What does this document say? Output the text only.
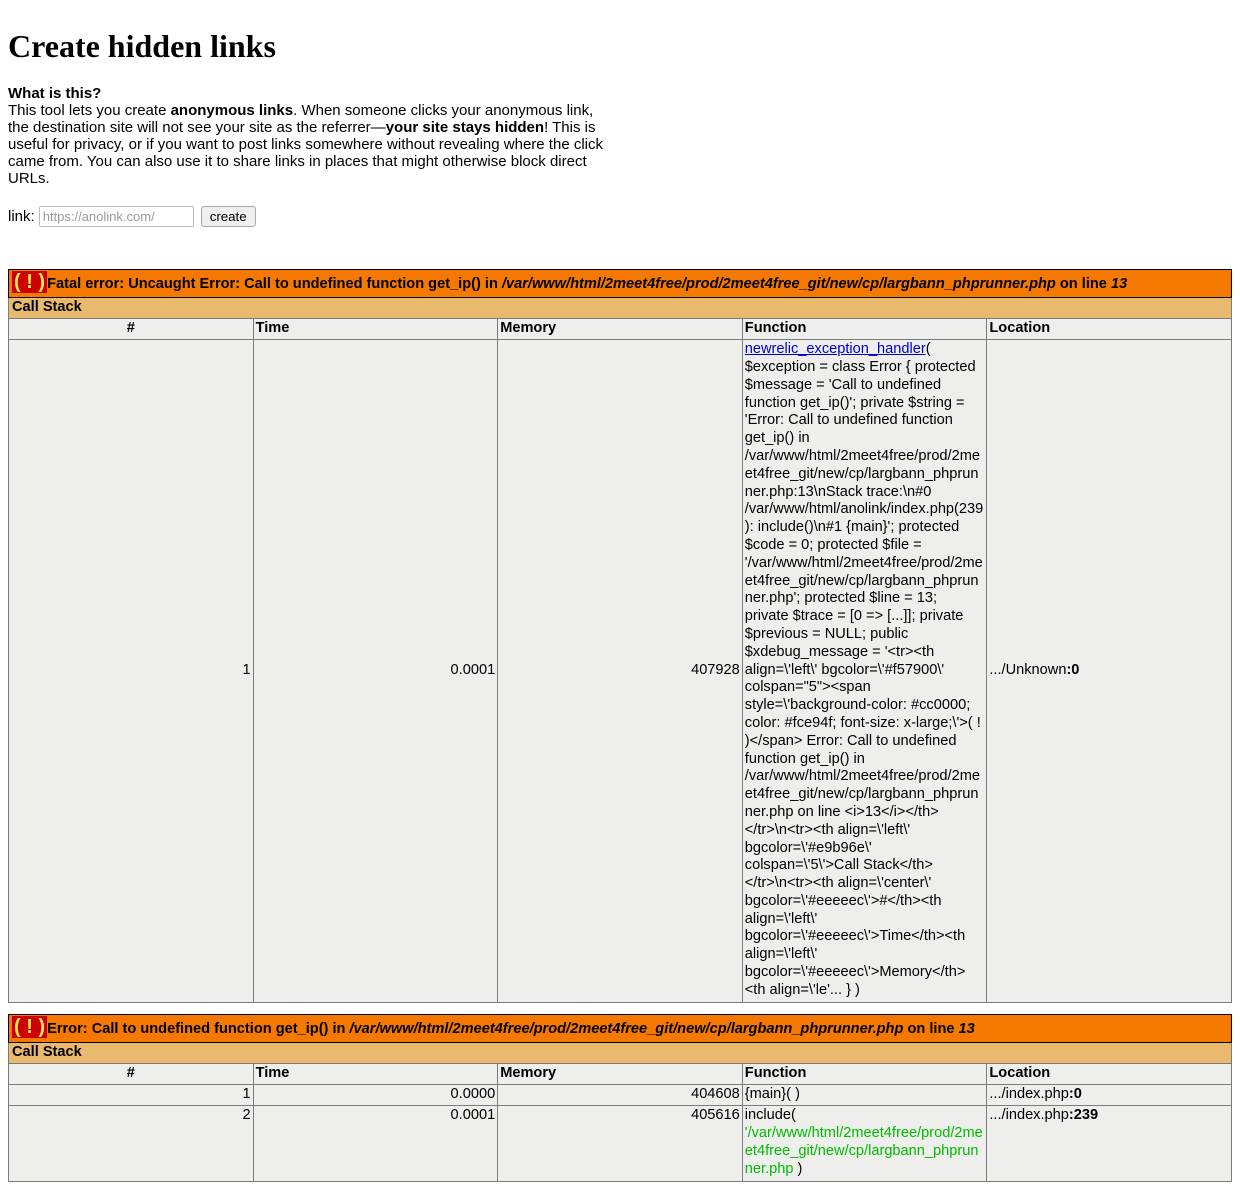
Create hidden links
What is this?
This tool lets you create anonymous links. When someone clicks your anonymous link, the destination site will not see your site as the referrer—your site stays hidden! This is useful for privacy, or if you want to post links somewhere without revealing where the click came from. You can also use it to share links in places that might otherwise block direct URLs.
link:
https://anolink.com/	create
( ! ) Fatal error: Uncaught Error: Call to undefined function get_ip() in /var/www/html/2meet4free/prod/2meet4free_git/new/cp/largbann_phprunner.php on line 13				
Call Stack				
#	Time	Memory	Function	Location
1	0.0001	407928	newrelic_exception_handler( $exception = class Error { protected $message = 'Call to undefined function get_ip()'; private $string = 'Error: Call to undefined function get_ip() in /var/www/html/2meet4free/prod/2meet4free_git/new/cp/largbann_phprunner.php:13\nStack trace:\n#0 /var/www/html/anolink/index.php(239): include()\n#1 {main}'; protected $code = 0; protected $file = '/var/www/html/2meet4free/prod/2meet4free_git/new/cp/largbann_phprunner.php'; protected $line = 13; private $trace = [0 => [...]]; private $previous = NULL; public $xdebug_message = '<tr><th align=\'left\' bgcolor=\'#f57900\' colspan="5"><span style=\'background-color: #cc0000; color: #fce94f; font-size: x-large;\'>( ! )</span> Error: Call to undefined function get_ip() in /var/www/html/2meet4free/prod/2meet4free_git/new/cp/largbann_phprunner.php on line <i>13</i></th></tr>\n<tr><th align=\'left\' bgcolor=\'#e9b96e\' colspan=\'5\'>Call Stack</th></tr>\n<tr><th align=\'center\' bgcolor=\'#eeeeec\'>#</th><th align=\'left\' bgcolor=\'#eeeeec\'>Time</th><th align=\'left\' bgcolor=\'#eeeeec\'>Memory</th><th align=\'le'... } )	.../Unknown:0
( ! ) Error: Call to undefined function get_ip() in /var/www/html/2meet4free/prod/2meet4free_git/new/cp/largbann_phprunner.php on line 13				
Call Stack				
#	Time	Memory	Function	Location
1	0.0000	404608	{main}( )	.../index.php:0
2	0.0001	405616	include( '/var/www/html/2meet4free/prod/2meet4free_git/new/cp/largbann_phprunner.php )	.../index.php:239
